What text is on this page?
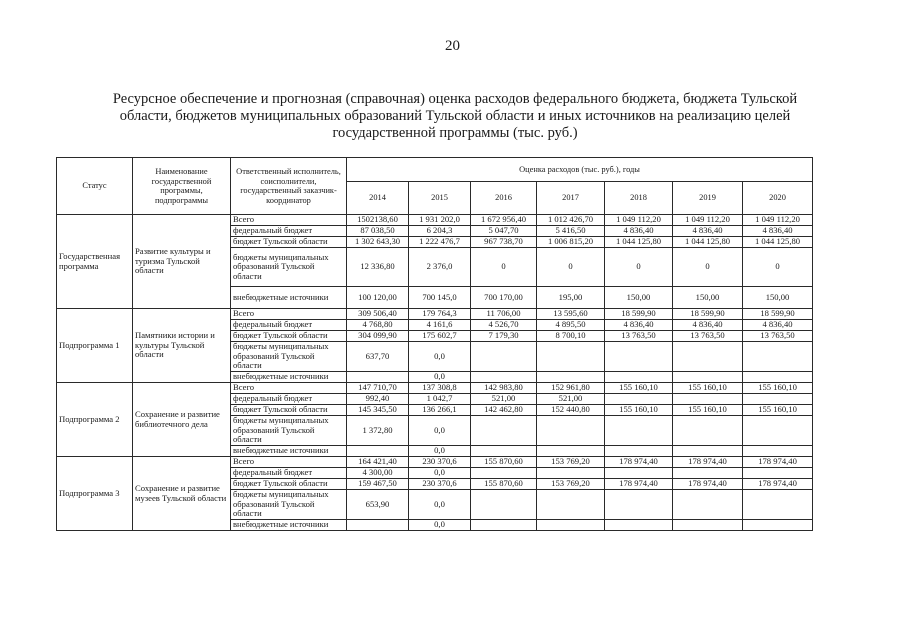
20
Ресурсное обеспечение и прогнозная (справочная) оценка расходов федерального бюджета, бюджета Тульской
области, бюджетов муниципальных образований Тульской области и иных источников на реализацию целей
государственной программы (тыс. руб.)
Статус	Наименование государственной программы, подпрограммы	Ответственный исполнитель, соисполнители, государственный заказчик-координатор	Оценка расходов (тыс. руб.), годы						
			2014	2015	2016	2017	2018	2019	2020
Государственная программа	Развитие культуры и туризма Тульской области	Всего	1502138,60	1 931 202,0	1 672 956,40	1 012 426,70	1 049 112,20	1 049 112,20	1 049 112,20
		федеральный бюджет	87 038,50	6 204,3	5 047,70	5 416,50	4 836,40	4 836,40	4 836,40
		бюджет Тульской области	1 302 643,30	1 222 476,7	967 738,70	1 006 815,20	1 044 125,80	1 044 125,80	1 044 125,80
		бюджеты муниципальных образований Тульской области	12 336,80	2 376,0	0	0	0	0	0
		внебюджетные источники	100 120,00	700 145,0	700 170,00	195,00	150,00	150,00	150,00
Подпрограмма 1	Памятники истории и культуры Тульской области	Всего	309 506,40	179 764,3	11 706,00	13 595,60	18 599,90	18 599,90	18 599,90
		федеральный бюджет	4 768,80	4 161,6	4 526,70	4 895,50	4 836,40	4 836,40	4 836,40
		бюджет Тульской области	304 099,90	175 602,7	7 179,30	8 700,10	13 763,50	13 763,50	13 763,50
		бюджеты муниципальных образований Тульской области	637,70	0,0					
		внебюджетные источники		0,0					
Подпрограмма 2	Сохранение и развитие библиотечного дела	Всего	147 710,70	137 308,8	142 983,80	152 961,80	155 160,10	155 160,10	155 160,10
		федеральный бюджет	992,40	1 042,7	521,00	521,00			
		бюджет Тульской области	145 345,50	136 266,1	142 462,80	152 440,80	155 160,10	155 160,10	155 160,10
		бюджеты муниципальных образований Тульской области	1 372,80	0,0					
		внебюджетные источники		0,0					
Подпрограмма 3	Сохранение и развитие музеев Тульской области	Всего	164 421,40	230 370,6	155 870,60	153 769,20	178 974,40	178 974,40	178 974,40
		федеральный бюджет	4 300,00	0,0					
		бюджет Тульской области	159 467,50	230 370,6	155 870,60	153 769,20	178 974,40	178 974,40	178 974,40
		бюджеты муниципальных образований Тульской области	653,90	0,0					
		внебюджетные источники		0,0					
